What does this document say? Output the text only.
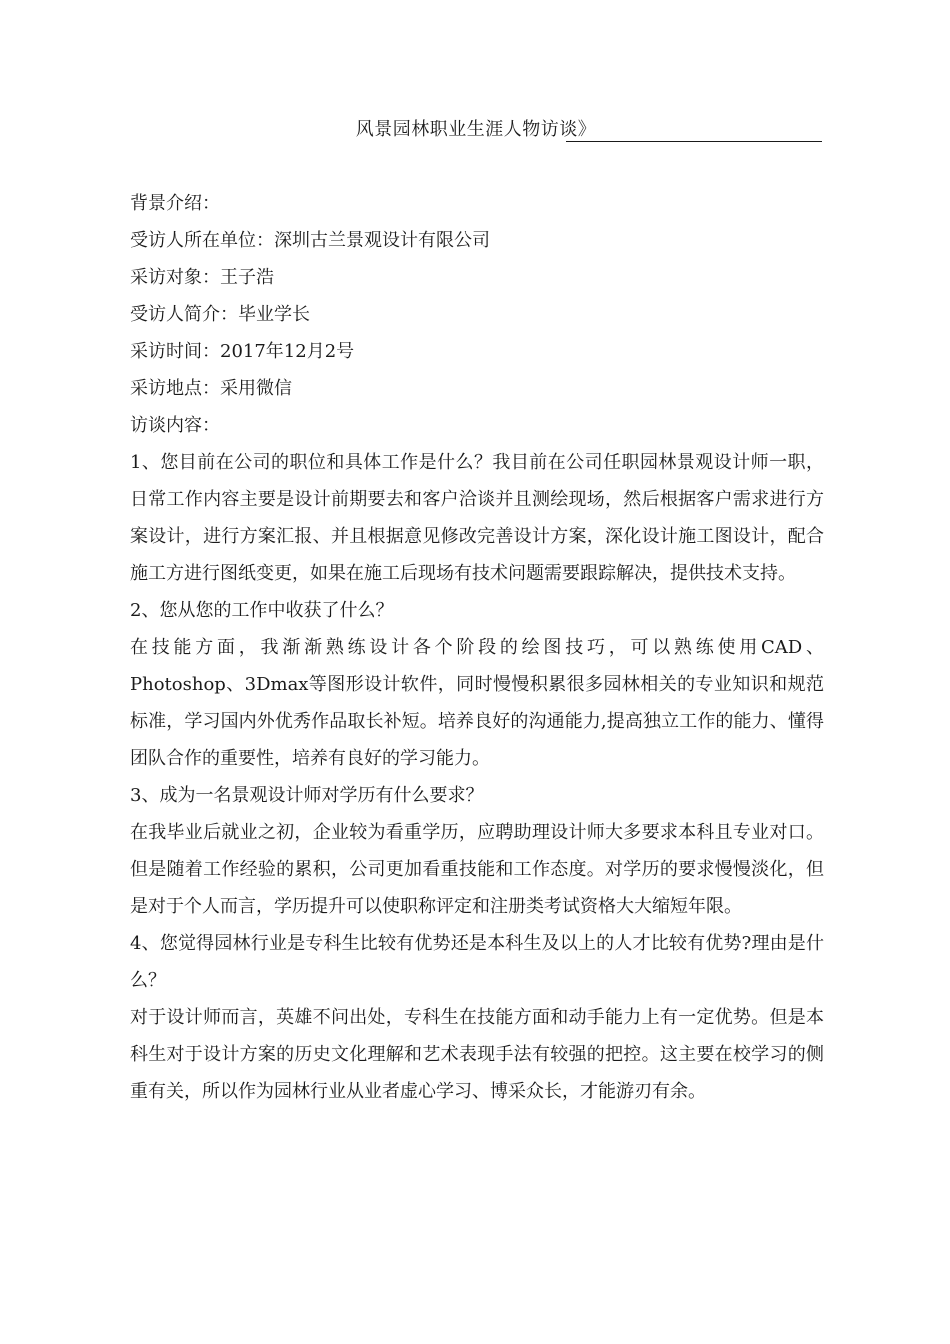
风景园林职业生涯人物访谈》

背景介绍：

受访人所在单位：深圳古兰景观设计有限公司

采访对象：王子浩

受访人简介：毕业学长

采访时间：2017年12月2号

采访地点：采用微信

访谈内容：

1、您目前在公司的职位和具体工作是什么？我目前在公司任职园林景观设计师一职，日常工作内容主要是设计前期要去和客户洽谈并且测绘现场，然后根据客户需求进行方案设计，进行方案汇报、并且根据意见修改完善设计方案，深化设计施工图设计，配合施工方进行图纸变更，如果在施工后现场有技术问题需要跟踪解决，提供技术支持。

2、您从您的工作中收获了什么？

在技能方面，我渐渐熟练设计各个阶段的绘图技巧，可以熟练使用CAD、Photoshop、3Dmax等图形设计软件，同时慢慢积累很多园林相关的专业知识和规范标准，学习国内外优秀作品取长补短。培养良好的沟通能力,提高独立工作的能力、懂得团队合作的重要性，培养有良好的学习能力。

3、成为一名景观设计师对学历有什么要求？

在我毕业后就业之初，企业较为看重学历，应聘助理设计师大多要求本科且专业对口。但是随着工作经验的累积，公司更加看重技能和工作态度。对学历的要求慢慢淡化，但是对于个人而言，学历提升可以使职称评定和注册类考试资格大大缩短年限。

4、您觉得园林行业是专科生比较有优势还是本科生及以上的人才比较有优势?理由是什么？

对于设计师而言，英雄不问出处，专科生在技能方面和动手能力上有一定优势。但是本科生对于设计方案的历史文化理解和艺术表现手法有较强的把控。这主要在校学习的侧重有关，所以作为园林行业从业者虚心学习、博采众长，才能游刃有余。
